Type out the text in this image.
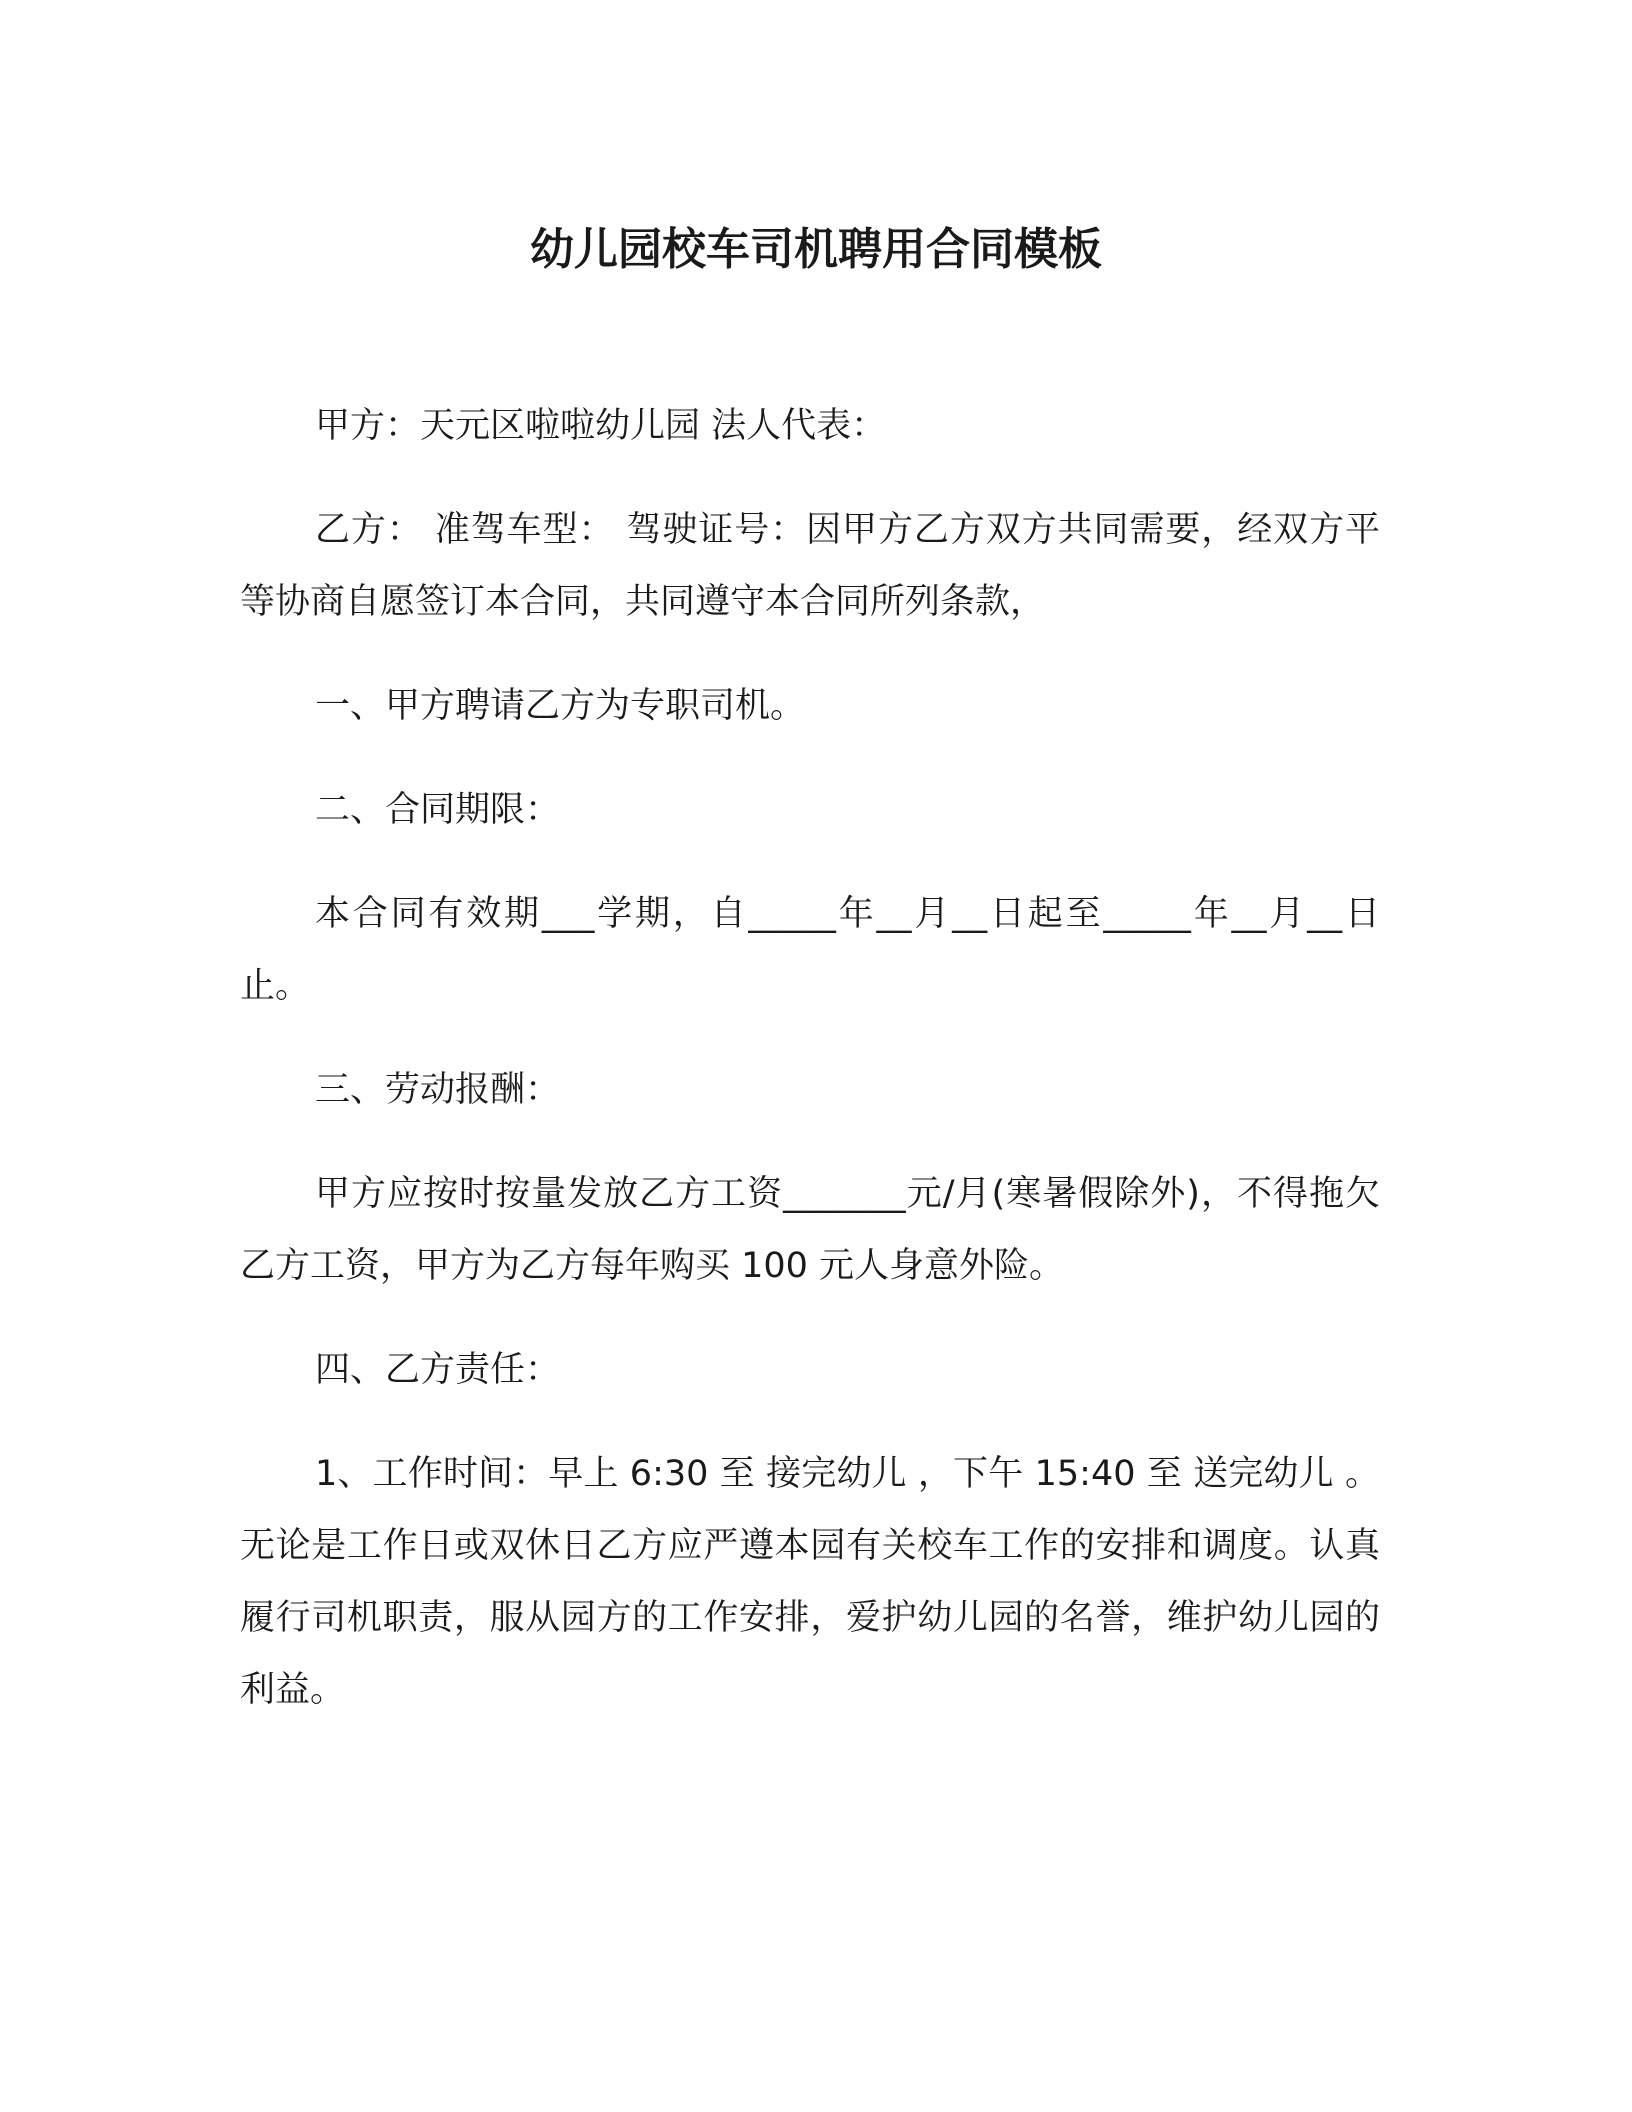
幼儿园校车司机聘用合同模板

甲方：天元区啦啦幼儿园 法人代表：

乙方： 准驾车型： 驾驶证号：因甲方乙方双方共同需要，经双方平等协商自愿签订本合同，共同遵守本合同所列条款，

一、甲方聘请乙方为专职司机。

二、合同期限：

本合同有效期___学期，自_____年__月__日起至_____年__月__日止。

三、劳动报酬：

甲方应按时按量发放乙方工资_______元/月(寒暑假除外)，不得拖欠乙方工资，甲方为乙方每年购买 100 元人身意外险。

四、乙方责任：

1、工作时间：早上 6:30 至 接完幼儿 ，下午 15:40 至 送完幼儿 。无论是工作日或双休日乙方应严遵本园有关校车工作的安排和调度。认真履行司机职责，服从园方的工作安排，爱护幼儿园的名誉，维护幼儿园的利益。
